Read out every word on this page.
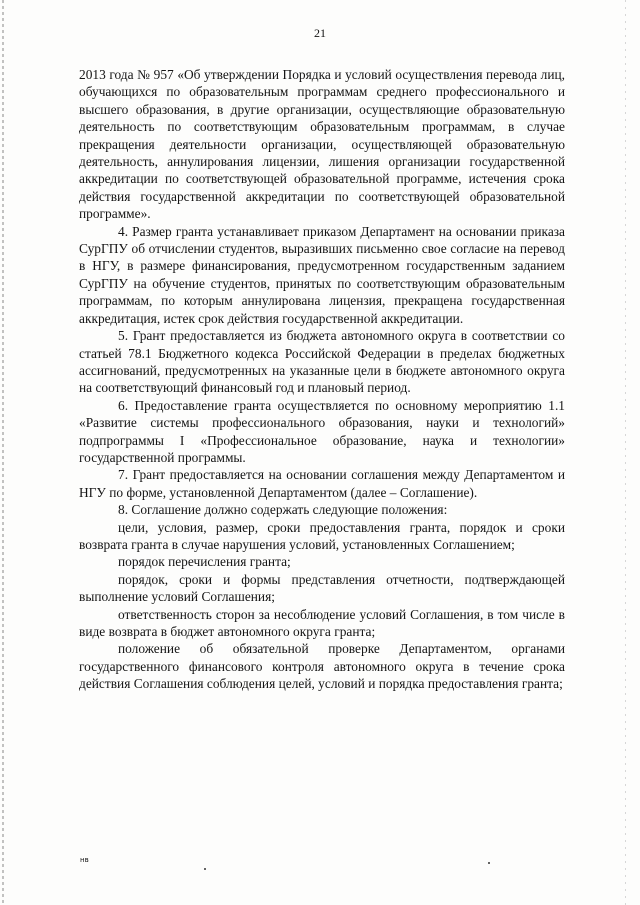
21

2013 года № 957 «Об утверждении Порядка и условий осуществления перевода лиц, обучающихся по образовательным программам среднего профессионального и высшего образования, в другие организации, осуществляющие образовательную деятельность по соответствующим образовательным программам, в случае прекращения деятельности организации, осуществляющей образовательную деятельность, аннулирования лицензии, лишения организации государственной аккредитации по соответствующей образовательной программе, истечения срока действия государственной аккредитации по соответствующей образовательной программе».

4. Размер гранта устанавливает приказом Департамент на основании приказа СурГПУ об отчислении студентов, выразивших письменно свое согласие на перевод в НГУ, в размере финансирования, предусмотренном государственным заданием СурГПУ на обучение студентов, принятых по соответствующим образовательным программам, по которым аннулирована лицензия, прекращена государственная аккредитация, истек срок действия государственной аккредитации.

5. Грант предоставляется из бюджета автономного округа в соответствии со статьей 78.1 Бюджетного кодекса Российской Федерации в пределах бюджетных ассигнований, предусмотренных на указанные цели в бюджете автономного округа на соответствующий финансовый год и плановый период.

6. Предоставление гранта осуществляется по основному мероприятию 1.1 «Развитие системы профессионального образования, науки и технологий» подпрограммы I «Профессиональное образование, наука и технологии» государственной программы.

7. Грант предоставляется на основании соглашения между Департаментом и НГУ по форме, установленной Департаментом (далее – Соглашение).

8. Соглашение должно содержать следующие положения:

цели, условия, размер, сроки предоставления гранта, порядок и сроки возврата гранта в случае нарушения условий, установленных Соглашением;

порядок перечисления гранта;

порядок, сроки и формы представления отчетности, подтверждающей выполнение условий Соглашения;

ответственность сторон за несоблюдение условий Соглашения, в том числе в виде возврата в бюджет автономного округа гранта;

положение об обязательной проверке Департаментом, органами государственного финансового контроля автономного округа в течение срока действия Соглашения соблюдения целей, условий и порядка предоставления гранта;

нв
